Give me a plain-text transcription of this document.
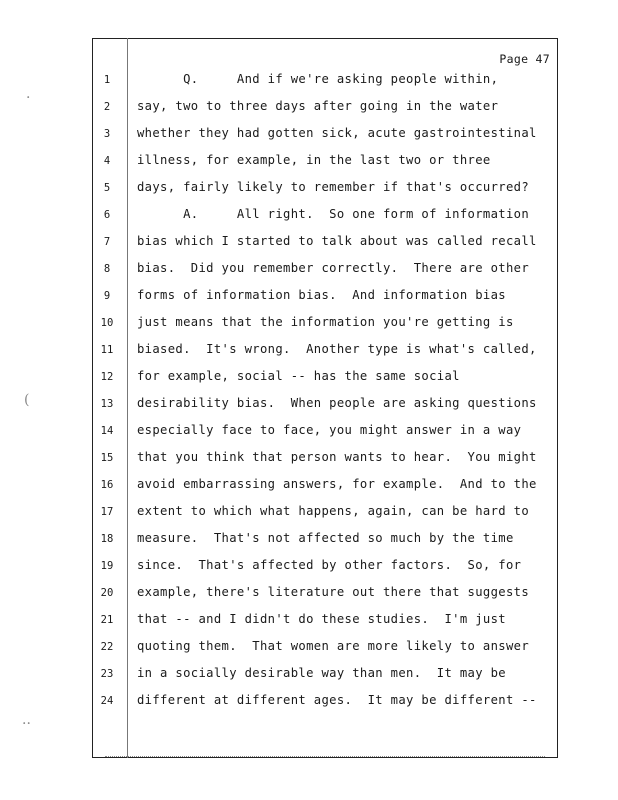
Page 47
·
(
··
1	Q.     And if we're asking people within,
2	say, two to three days after going in the water
3	whether they had gotten sick, acute gastrointestinal
4	illness, for example, in the last two or three
5	days, fairly likely to remember if that's occurred?
6	A.     All right.  So one form of information
7	bias which I started to talk about was called recall
8	bias.  Did you remember correctly.  There are other
9	forms of information bias.  And information bias
10 just means that the information you're getting is
11 biased.  It's wrong.  Another type is what's called,
12 for example, social -- has the same social
13 desirability bias.  When people are asking questions
14 especially face to face, you might answer in a way
15 that you think that person wants to hear.  You might
16 avoid embarrassing answers, for example.  And to the
17 extent to which what happens, again, can be hard to
18 measure.  That's not affected so much by the time
19 since.  That's affected by other factors.  So, for
20 example, there's literature out there that suggests
21 that -- and I didn't do these studies.  I'm just
22 quoting them.  That women are more likely to answer
23 in a socially desirable way than men.  It may be
24 different at different ages.  It may be different --
